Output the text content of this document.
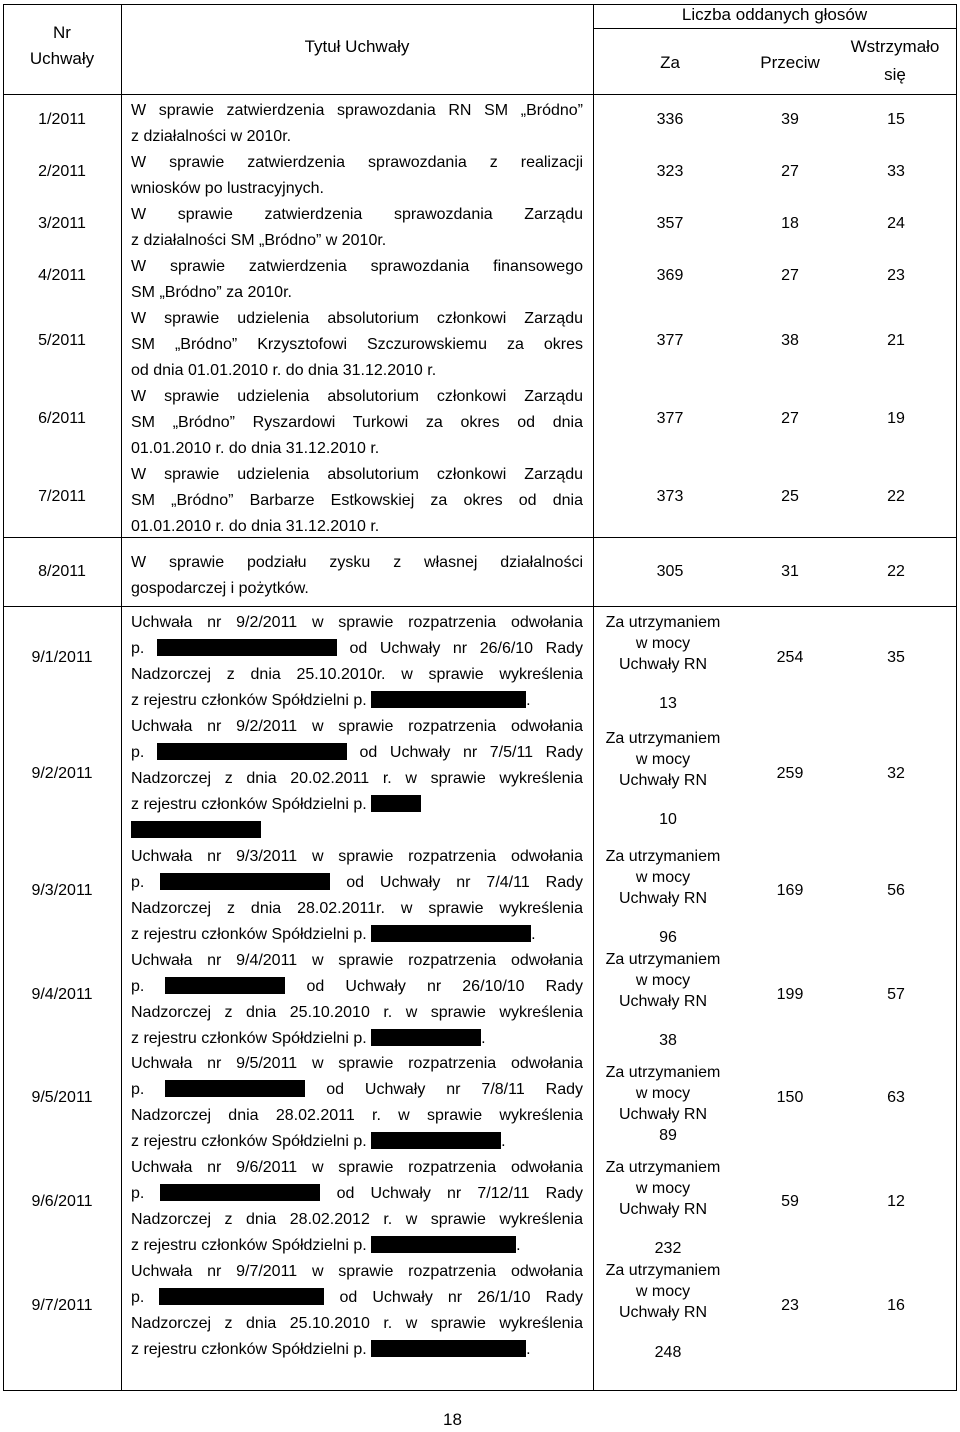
Nr
Uchwały
Tytuł Uchwały
Liczba oddanych głosów
Za	Przeciw
Wstrzymało
się
1/2011
W sprawie zatwierdzenia sprawozdania RN SM „Bródno”
z działalności w 2010r.
336	39	15
2/2011
W sprawie zatwierdzenia sprawozdania z realizacji
wniosków po lustracyjnych.
323	27	33
3/2011
W sprawie zatwierdzenia sprawozdania Zarządu
z działalności SM „Bródno” w 2010r.
357	18	24
4/2011
W sprawie zatwierdzenia sprawozdania finansowego
SM „Bródno” za 2010r.
369	27	23
5/2011
W sprawie udzielenia absolutorium członkowi Zarządu
SM „Bródno” Krzysztofowi Szczurowskiemu za okres
od dnia 01.01.2010 r. do dnia 31.12.2010 r.
377	38	21
6/2011
W sprawie udzielenia absolutorium członkowi Zarządu
SM „Bródno” Ryszardowi Turkowi za okres od dnia
01.01.2010 r. do dnia 31.12.2010 r.
377	27	19
7/2011
W sprawie udzielenia absolutorium członkowi Zarządu
SM „Bródno” Barbarze Estkowskiej za okres od dnia
01.01.2010 r. do dnia 31.12.2010 r.
373	25	22
8/2011
W sprawie podziału zysku z własnej działalności
gospodarczej i pożytków.
305	31	22
9/1/2011
Uchwała nr 9/2/2011 w sprawie rozpatrzenia odwołania
p.	od Uchwały nr 26/6/10 Rady
Nadzorczej z dnia 25.10.2010r. w sprawie wykreślenia
z rejestru członków Spółdzielni p.	.
Za utrzymaniem
w mocy
Uchwały RN
13
254	35
9/2/2011
Uchwała nr 9/2/2011 w sprawie rozpatrzenia odwołania
p.	od Uchwały nr 7/5/11 Rady
Nadzorczej z dnia 20.02.2011 r. w sprawie wykreślenia
z rejestru członków Spółdzielni p.
Za utrzymaniem
w mocy
Uchwały RN
10
259	32
9/3/2011
Uchwała nr 9/3/2011 w sprawie rozpatrzenia odwołania
p.	od Uchwały nr 7/4/11 Rady
Nadzorczej z dnia 28.02.2011r. w sprawie wykreślenia
z rejestru członków Spółdzielni p.	.
Za utrzymaniem
w mocy
Uchwały RN
96
169	56
9/4/2011
Uchwała nr 9/4/2011 w sprawie rozpatrzenia odwołania
p.	od Uchwały nr 26/10/10 Rady
Nadzorczej z dnia 25.10.2010 r. w sprawie wykreślenia
z rejestru członków Spółdzielni p.	.
Za utrzymaniem
w mocy
Uchwały RN
38
199	57
9/5/2011
Uchwała nr 9/5/2011 w sprawie rozpatrzenia odwołania
p.	od Uchwały nr 7/8/11 Rady
Nadzorczej dnia 28.02.2011 r. w sprawie wykreślenia
z rejestru członków Spółdzielni p.	.
Za utrzymaniem
w mocy
Uchwały RN
89
150	63
9/6/2011
Uchwała nr 9/6/2011 w sprawie rozpatrzenia odwołania
p.	od Uchwały nr 7/12/11 Rady
Nadzorczej z dnia 28.02.2012 r. w sprawie wykreślenia
z rejestru członków Spółdzielni p.	.
Za utrzymaniem
w mocy
Uchwały RN
232
59	12
9/7/2011
Uchwała nr 9/7/2011 w sprawie rozpatrzenia odwołania
p.	od Uchwały nr 26/1/10 Rady
Nadzorczej z dnia 25.10.2010 r. w sprawie wykreślenia
z rejestru członków Spółdzielni p.	.
Za utrzymaniem
w mocy
Uchwały RN
248
23	16
18
